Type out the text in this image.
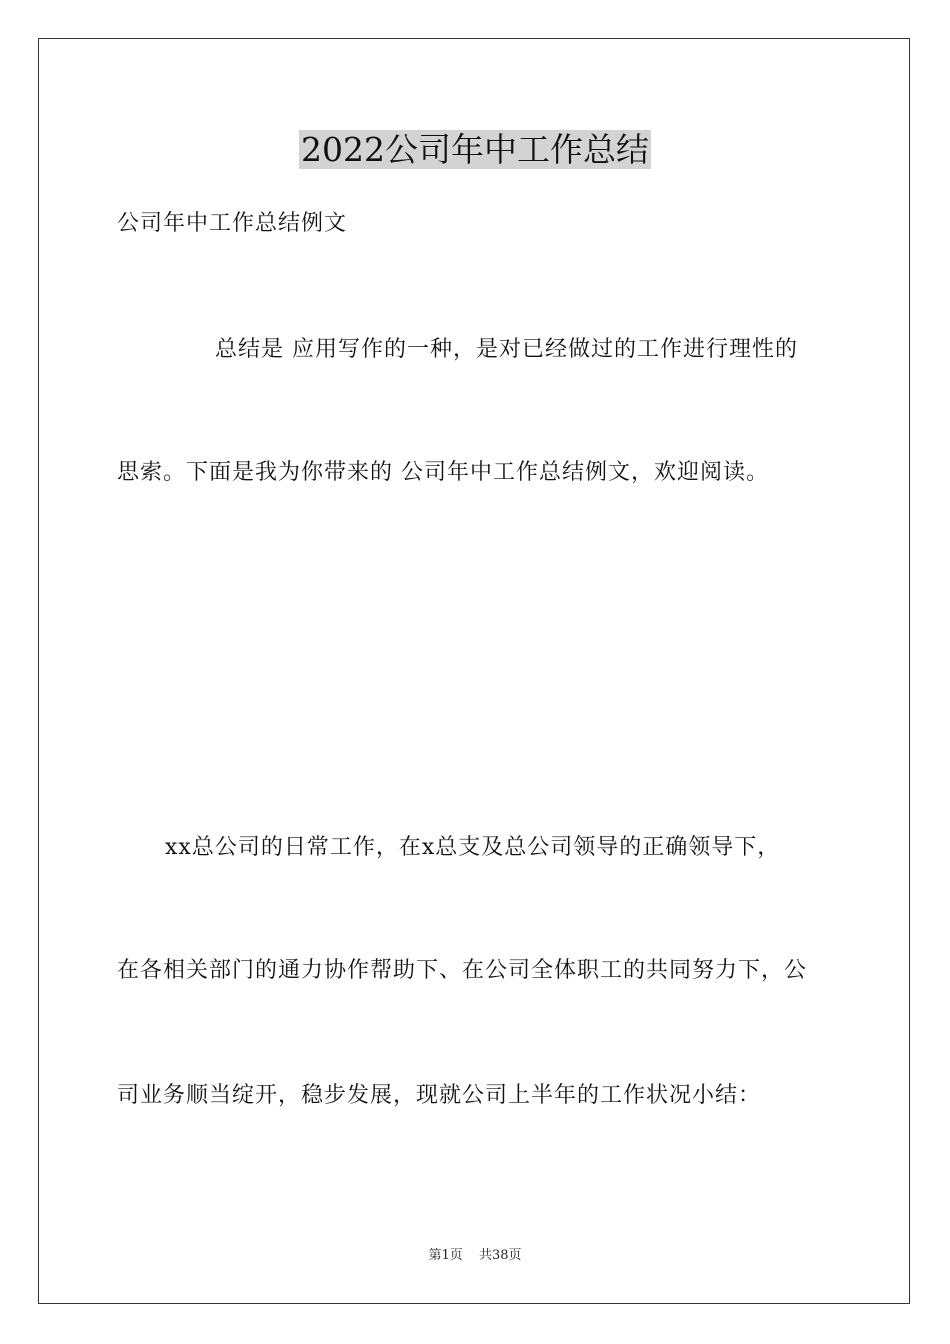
2022公司年中工作总结

公司年中工作总结例文

总结是 应用写作的一种，是对已经做过的工作进行理性的

思索。下面是我为你带来的 公司年中工作总结例文，欢迎阅读。

xx总公司的日常工作，在x总支及总公司领导的正确领导下，

在各相关部门的通力协作帮助下、在公司全体职工的共同努力下，公

司业务顺当绽开，稳步发展，现就公司上半年的工作状况小结：

第1页 共38页
